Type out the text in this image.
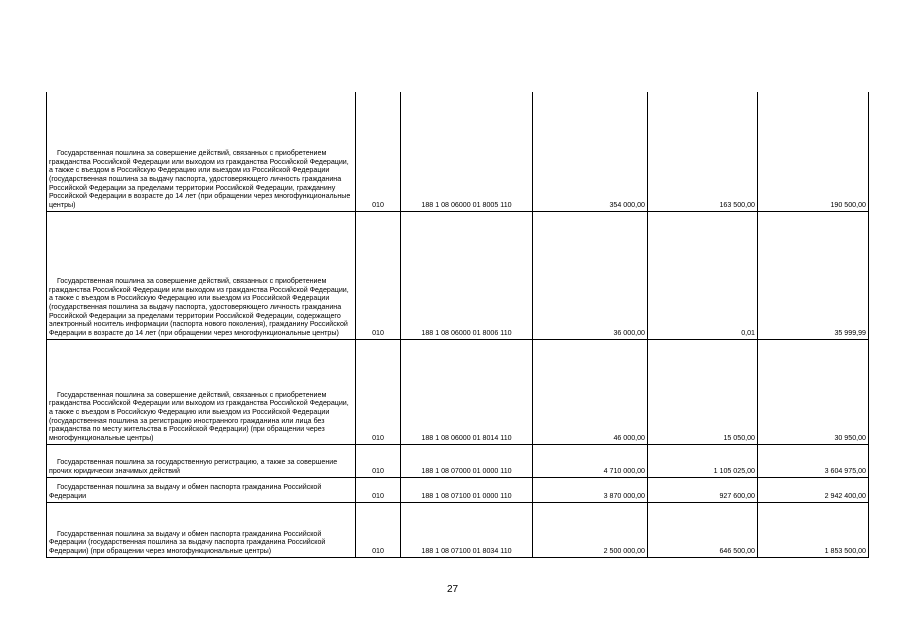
Государственная пошлина за совершение действий, связанных с приобретением гражданства Российской Федерации или выходом из гражданства Российской Федерации, а также с въездом в Российскую Федерацию или выездом из Российской Федерации (государственная пошлина за выдачу паспорта, удостоверяющего личность гражданина Российской Федерации за пределами территории Российской Федерации, гражданину Российской Федерации в возрасте до 14 лет (при обращении через многофункциональные центры)	010	188 1 08 06000 01 8005 110	354 000,00	163 500,00	190 500,00

Государственная пошлина за совершение действий, связанных с приобретением гражданства Российской Федерации или выходом из гражданства Российской Федерации, а также с въездом в Российскую Федерацию или выездом из Российской Федерации (государственная пошлина за выдачу паспорта, удостоверяющего личность гражданина Российской Федерации за пределами территории Российской Федерации, содержащего электронный носитель информации (паспорта нового поколения), гражданину Российской Федерации в возрасте до 14 лет (при обращении через многофункциональные центры)	010	188 1 08 06000 01 8006 110	36 000,00	0,01	35 999,99

Государственная пошлина за совершение действий, связанных с приобретением гражданства Российской Федерации или выходом из гражданства Российской Федерации, а также с въездом в Российскую Федерацию или выездом из Российской Федерации (государственная пошлина за регистрацию иностранного гражданина или лица без гражданства по месту жительства в Российской Федерации) (при обращении через многофункциональные центры)	010	188 1 08 06000 01 8014 110	46 000,00	15 050,00	30 950,00

Государственная пошлина за государственную регистрацию, а также за совершение прочих юридически значимых действий	010	188 1 08 07000 01 0000 110	4 710 000,00	1 105 025,00	3 604 975,00

Государственная пошлина за выдачу и обмен паспорта гражданина Российской Федерации	010	188 1 08 07100 01 0000 110	3 870 000,00	927 600,00	2 942 400,00

Государственная пошлина за выдачу и обмен паспорта гражданина Российской Федерации (государственная пошлина за выдачу паспорта гражданина Российской Федерации) (при обращении через многофункциональные центры)	010	188 1 08 07100 01 8034 110	2 500 000,00	646 500,00	1 853 500,00
27
